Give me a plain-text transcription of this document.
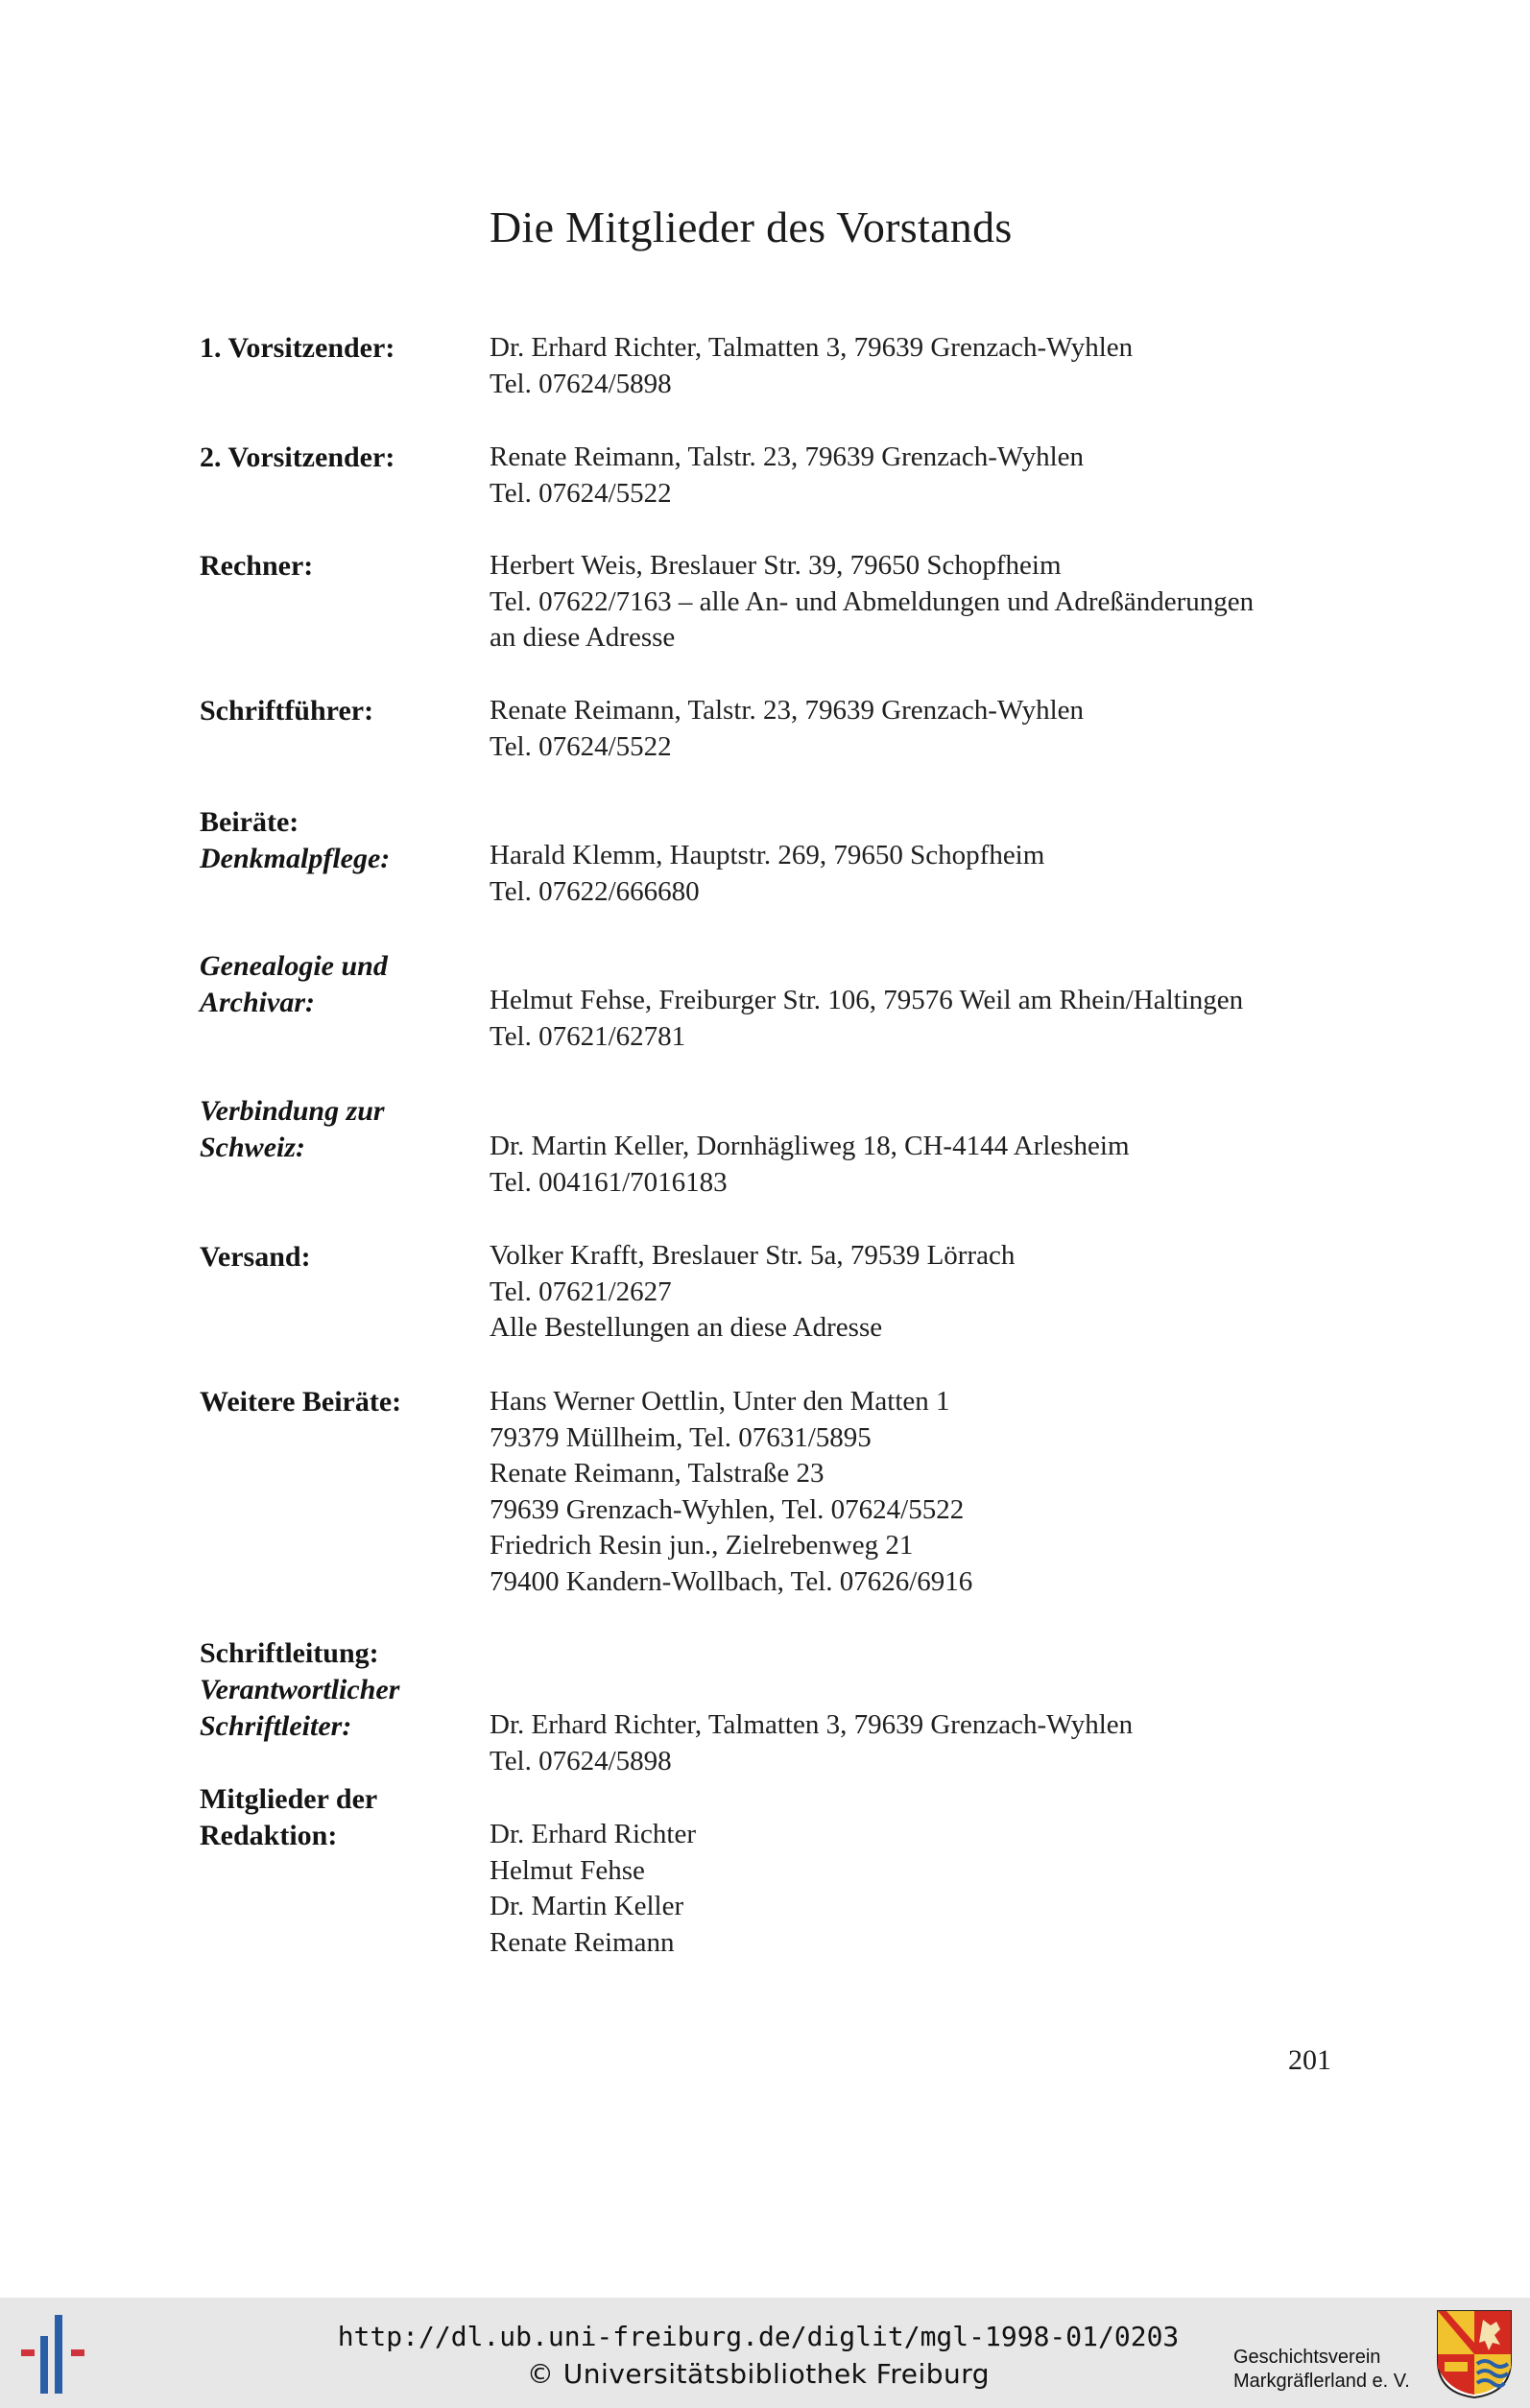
Die Mitglieder des Vorstands
1. Vorsitzender:	Dr. Erhard Richter, Talmatten 3, 79639 Grenzach-Wyhlen
Tel. 07624/5898
2. Vorsitzender:	Renate Reimann, Talstr. 23, 79639 Grenzach-Wyhlen
Tel. 07624/5522
Rechner:	Herbert Weis, Breslauer Str. 39, 79650 Schopfheim
Tel. 07622/7163 – alle An- und Abmeldungen und Adreßänderungen
an diese Adresse
Schriftführer:	Renate Reimann, Talstr. 23, 79639 Grenzach-Wyhlen
Tel. 07624/5522
Beiräte:
Denkmalpflege:	Harald Klemm, Hauptstr. 269, 79650 Schopfheim
Tel. 07622/666680
Genealogie und
Archivar:	Helmut Fehse, Freiburger Str. 106, 79576 Weil am Rhein/Haltingen
Tel. 07621/62781
Verbindung zur
Schweiz:	Dr. Martin Keller, Dornhägliweg 18, CH-4144 Arlesheim
Tel. 004161/7016183
Versand:	Volker Krafft, Breslauer Str. 5a, 79539 Lörrach
Tel. 07621/2627
Alle Bestellungen an diese Adresse
Weitere Beiräte:	Hans Werner Oettlin, Unter den Matten 1
79379 Müllheim, Tel. 07631/5895
Renate Reimann, Talstraße 23
79639 Grenzach-Wyhlen, Tel. 07624/5522
Friedrich Resin jun., Zielrebenweg 21
79400 Kandern-Wollbach, Tel. 07626/6916
Schriftleitung:
Verantwortlicher
Schriftleiter:	Dr. Erhard Richter, Talmatten 3, 79639 Grenzach-Wyhlen
Tel. 07624/5898
Mitglieder der
Redaktion:	Dr. Erhard Richter
Helmut Fehse
Dr. Martin Keller
Renate Reimann
201
http://dl.ub.uni-freiburg.de/diglit/mgl-1998-01/0203
© Universitätsbibliothek Freiburg
Geschichtsverein
Markgräflerland e. V.
